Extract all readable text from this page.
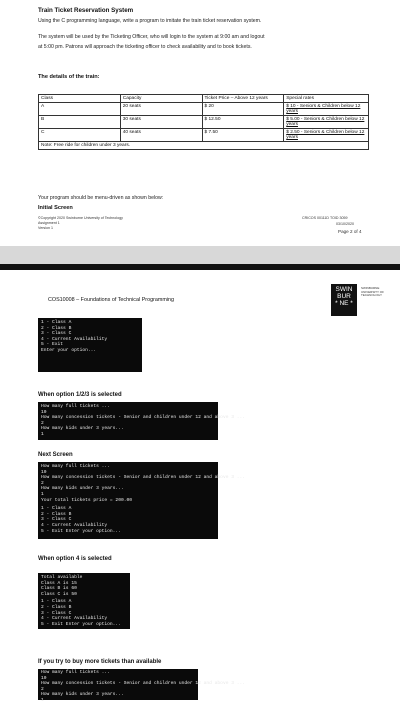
Train Ticket Reservation System
Using the C programming language, write a program to imitate the train ticket reservation system.
The system will be used by the Ticketing Officer, who will login to the system at 9:00 am and logout
at 5:00 pm. Patrons will approach the ticketing officer to check availability and to book tickets.
The details of the train:
Class	Capacity	Ticket Price – Above 12 years	Special rates
A	20 seats	$ 20	$ 10 - Seniors & Children below 12 years
B	30 seats	$ 12.50	$ 5.00 - Seniors & Children below 12 years
C	40 seats	$ 7.50	$ 2.50 - Seniors & Children below 12 years
Note: Free ride for children under 3 years.			
Your program should be menu-driven as shown below:
Initial Screen
©Copyright 2020 Swinburne University of Technology
Assignment 1
Version 1
CRICOS 00111D TOID 3059
03/10/2020
Page 2 of 4
COS10008 – Foundations of Technical Programming
SWIN
BUR
* NE *
SWINBURNE UNIVERSITY OF TECHNOLOGY
1 - Class A
2 - Class B
3 - Class C
4 - Current Availability
5 - Exit
Enter your option...
When option 1/2/3 is selected
How many full tickets ...
10
How many concession tickets - Senior and children under 12 and above 3 ...
2
How many kids under 3 years...
1
Next Screen
How many full tickets ...
10
How many concession tickets - Senior and children under 12 and above 3 ...
2
How many kids under 3 years...
1
Your total tickets price = 200.00
1 - Class A
2 - Class B
3 - Class C
4 - Current Availability
5 - Exit Enter your option...
When option 4 is selected
Total available
Class A is 15
Class B is 60
Class C is 50
1 - Class A
2 - Class B
3 - Class C
4 - Current Availability
5 - Exit Enter your option...
If you try to buy more tickets than available
How many full tickets ...
10
How many concession tickets - Senior and children under 12 and above 3 ...
2
How many kids under 3 years...
1
